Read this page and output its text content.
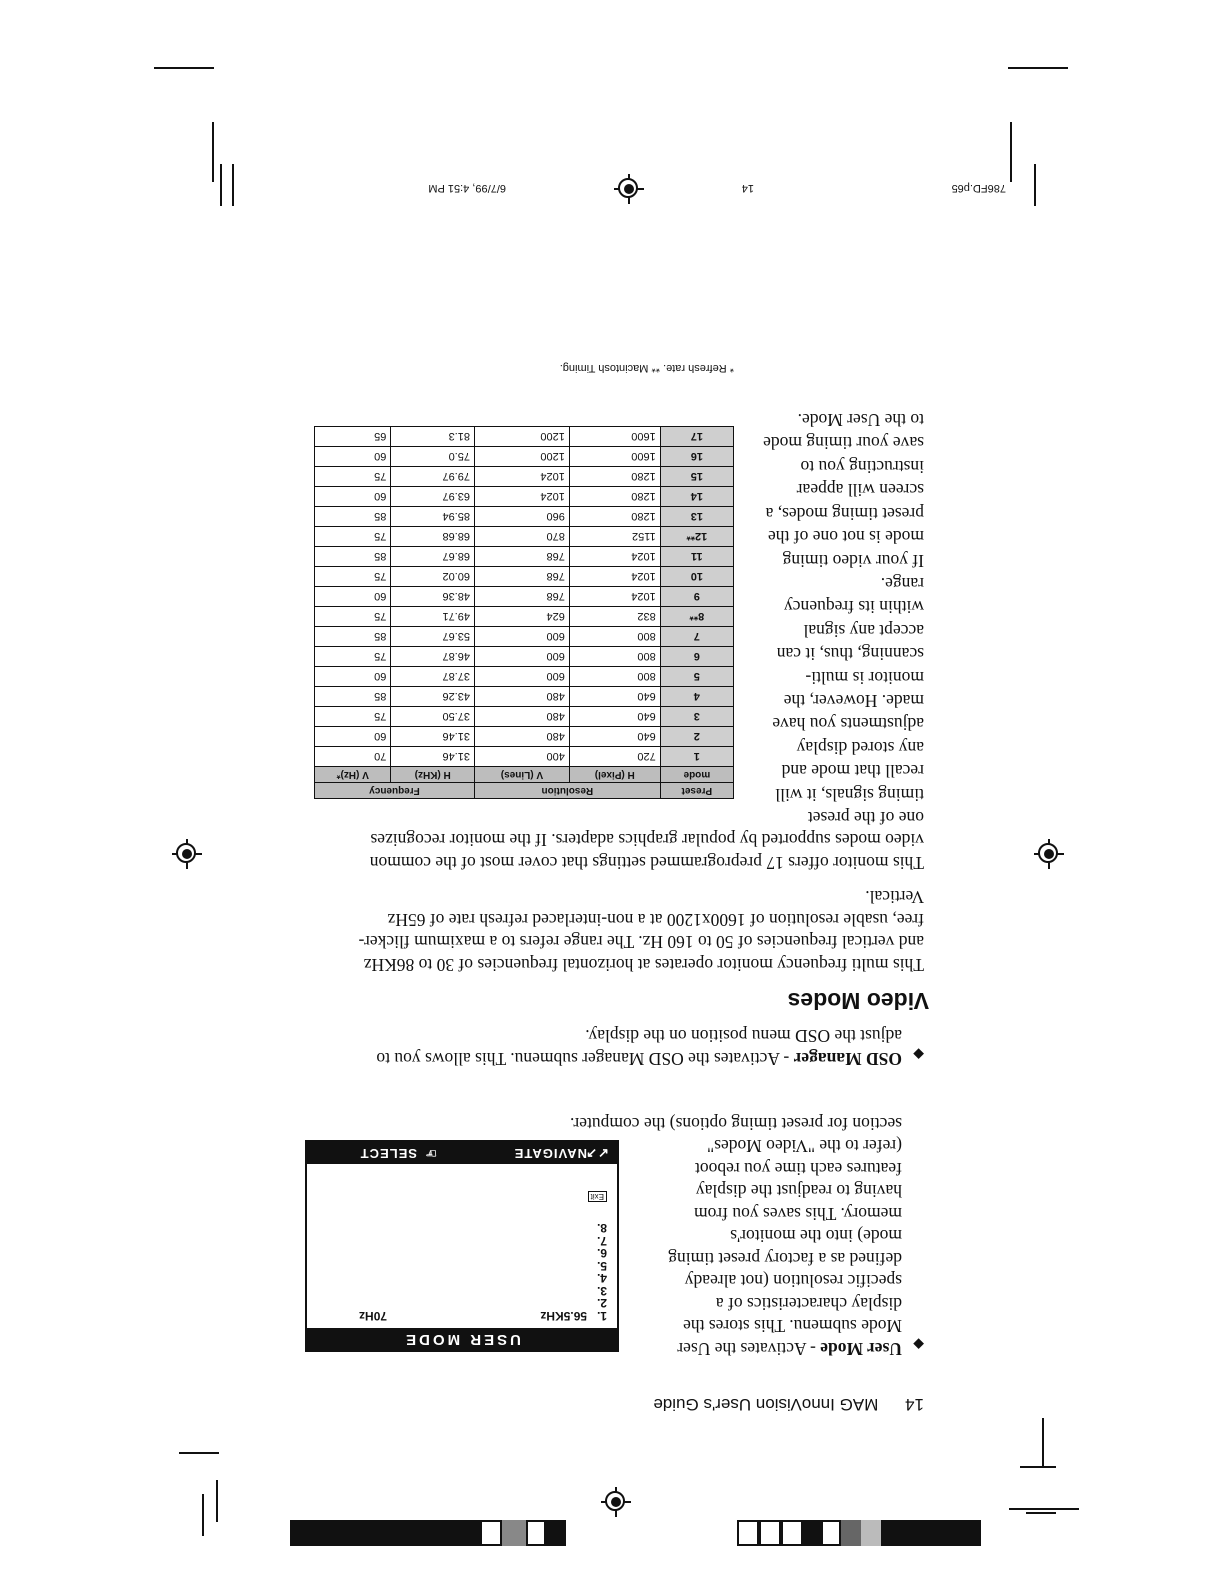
786FD.p65
14
6/7/99, 4:51 PM
14 MAG InnoVision User's Guide
◆
User Mode - Activates the User
Mode submenu. This stores the
display characteristics of a
specific resolution (not already
defined as a factory preset timing
mode) into the monitor's
memory. This saves you from
having to readjust the display
features each time you reboot
(refer to the "Video Modes"
section for preset timing options) the computer.
USER MODE
1.
56.5KHz
70Hz
2.
3.
4.
5.
6.
7.
8.
Exit
↙↗
NAVIGATE
☞
SELECT
◆
OSD Manager - Activates the OSD Manager submenu. This allows you to
adjust the OSD menu position on the display.
Video Modes
This multi frequency monitor operates at horizontal frequencies of 30 to 86KHz
and vertical frequencies of 50 to 160 Hz. The range refers to a maximum flicker-
free, usable resolution of 1600x1200 at a non-interlaced refresh rate of 65Hz
Vertical.
This monitor offers 17 preprogrammed settings that cover most of the common
video modes supported by popular graphics adapters. If the monitor recognizes
one of the preset
timing signals, it will
recall that mode and
any stored display
adjustments you have
made. However, the
monitor is multi-
scanning, thus, it can
accept any signal
within its frequency
range.
If your video timing
mode is not one of the
preset timing modes, a
screen will appear
instructing you to
save your timing mode
to the User Mode.
Preset	Resolution		Frequency	
mode	H (Pixel)	V (Lines)	H (KHz)	V (Hz)*
1	720	400	31.46	70
2	640	480	31.46	60
3	640	480	37.50	75
4	640	480	43.26	85
5	800	600	37.87	60
6	800	600	46.87	75
7	800	600	53.67	85
8**	832	624	49.71	75
9	1024	768	48.36	60
10	1024	768	60.02	75
11	1024	768	68.67	85
12**	1152	870	68.68	75
13	1280	960	85.94	85
14	1280	1024	63.97	60
15	1280	1024	79.97	75
16	1600	1200	75.0	60
17	1600	1200	81.3	65
* Refresh rate. ** Macintosh Timing.
